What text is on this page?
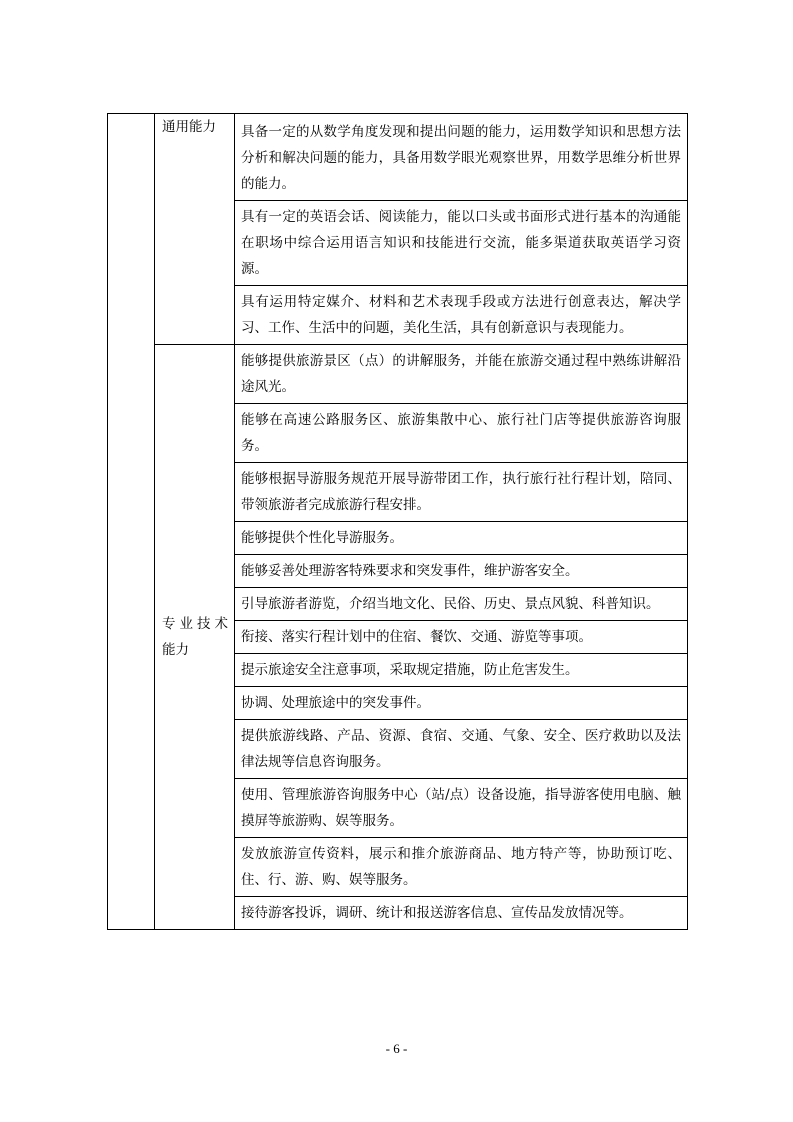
	通用能力	具备一定的从数学角度发现和提出问题的能力，运用数学知识和思想方法分析和解决问题的能力，具备用数学眼光观察世界，用数学思维分析世界的能力。
		具有一定的英语会话、阅读能力，能以口头或书面形式进行基本的沟通能在职场中综合运用语言知识和技能进行交流，能多渠道获取英语学习资源。
		具有运用特定媒介、材料和艺术表现手段或方法进行创意表达，解决学习、工作、生活中的问题，美化生活，具有创新意识与表现能力。

	专业技术能力	能够提供旅游景区（点）的讲解服务，并能在旅游交通过程中熟练讲解沿途风光。
		能够在高速公路服务区、旅游集散中心、旅行社门店等提供旅游咨询服务。
		能够根据导游服务规范开展导游带团工作，执行旅行社行程计划，陪同、带领旅游者完成旅游行程安排。
		能够提供个性化导游服务。
		能够妥善处理游客特殊要求和突发事件，维护游客安全。
		引导旅游者游览，介绍当地文化、民俗、历史、景点风貌、科普知识。
		衔接、落实行程计划中的住宿、餐饮、交通、游览等事项。
		提示旅途安全注意事项，采取规定措施，防止危害发生。
		协调、处理旅途中的突发事件。
		提供旅游线路、产品、资源、食宿、交通、气象、安全、医疗救助以及法律法规等信息咨询服务。
		使用、管理旅游咨询服务中心（站/点）设备设施，指导游客使用电脑、触摸屏等旅游购、娱等服务。
		发放旅游宣传资料，展示和推介旅游商品、地方特产等，协助预订吃、住、行、游、购、娱等服务。
		接待游客投诉，调研、统计和报送游客信息、宣传品发放情况等。
- 6 -
